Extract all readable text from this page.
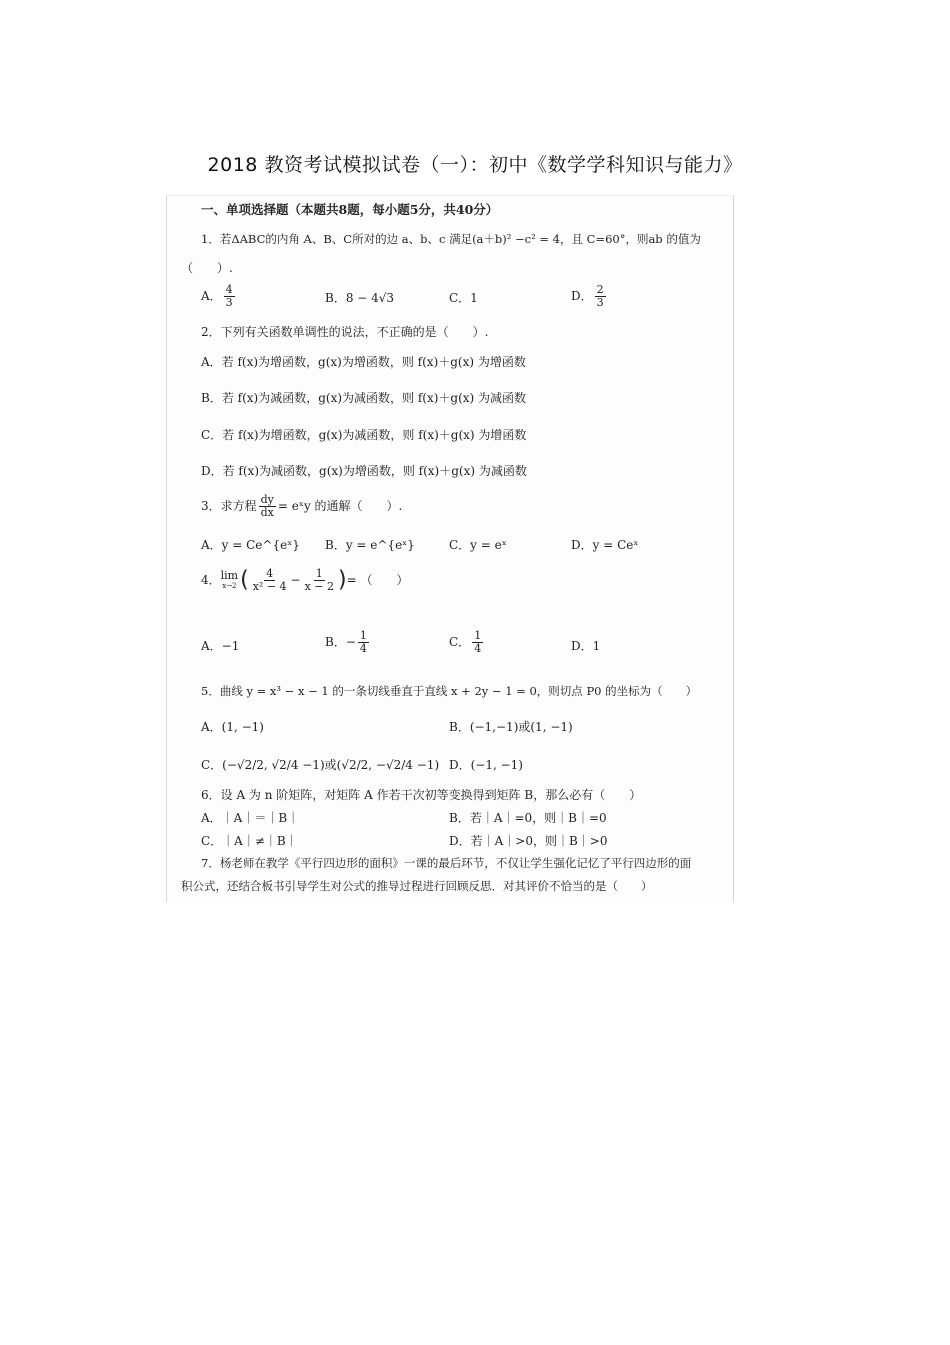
2018 教资考试模拟试卷（一）：初中《数学学科知识与能力》
一、单项选择题（本题共8题，每小题5分，共40分）
1．若ΔABC的内角 A、B、C所对的边 a、b、c 满足(a＋b)² −c² = 4，且 C=60°，则ab 的值为
（　　）.
A． $\frac{4}{3}$	B．8 − 4√3	C．1	D． $\frac{2}{3}$
2．下列有关函数单调性的说法，不正确的是（　　）.
A．若 f(x)为增函数，g(x)为增函数，则 f(x)＋g(x) 为增函数
B．若 f(x)为减函数，g(x)为减函数，则 f(x)＋g(x) 为减函数
C．若 f(x)为增函数，g(x)为减函数，则 f(x)＋g(x) 为增函数
D．若 f(x)为减函数，g(x)为增函数，则 f(x)＋g(x) 为减函数
3．求方程 $\frac{dy}{dx}$ = eˣy 的通解（　　）.
A．y = Ce^{eˣ} B．y = e^{eˣ}	C．y = eˣ	D．y = Ceˣ
4． lim
x→2 ( $\frac{4}{\text{x² − 4}} - \frac{1}{x - 2}$ )= （　　）
A．−1	B．− $\frac{1}{4}$	C． $\frac{1}{4}$	D．1
5．曲线 y = x³ − x − 1 的一条切线垂直于直线 x + 2y − 1 = 0，则切点 P0 的坐标为（　　）
A．(1, −1)	B．(−1,−1)或(1, −1)
C．(−√2/2, √2/4 −1)或(√2/2, −√2/4 −1) D．(−1, −1)
6．设 A 为 n 阶矩阵，对矩阵 A 作若干次初等变换得到矩阵 B，那么必有（　　）
A．｜A｜＝｜B｜	B．若｜A｜=0，则｜B｜=0
C．｜A｜≠｜B｜	D．若｜A｜>0，则｜B｜>0
7．杨老师在教学《平行四边形的面积》一课的最后环节，不仅让学生强化记忆了平行四边形的面
积公式，还结合板书引导学生对公式的推导过程进行回顾反思．对其评价不恰当的是（　　）
